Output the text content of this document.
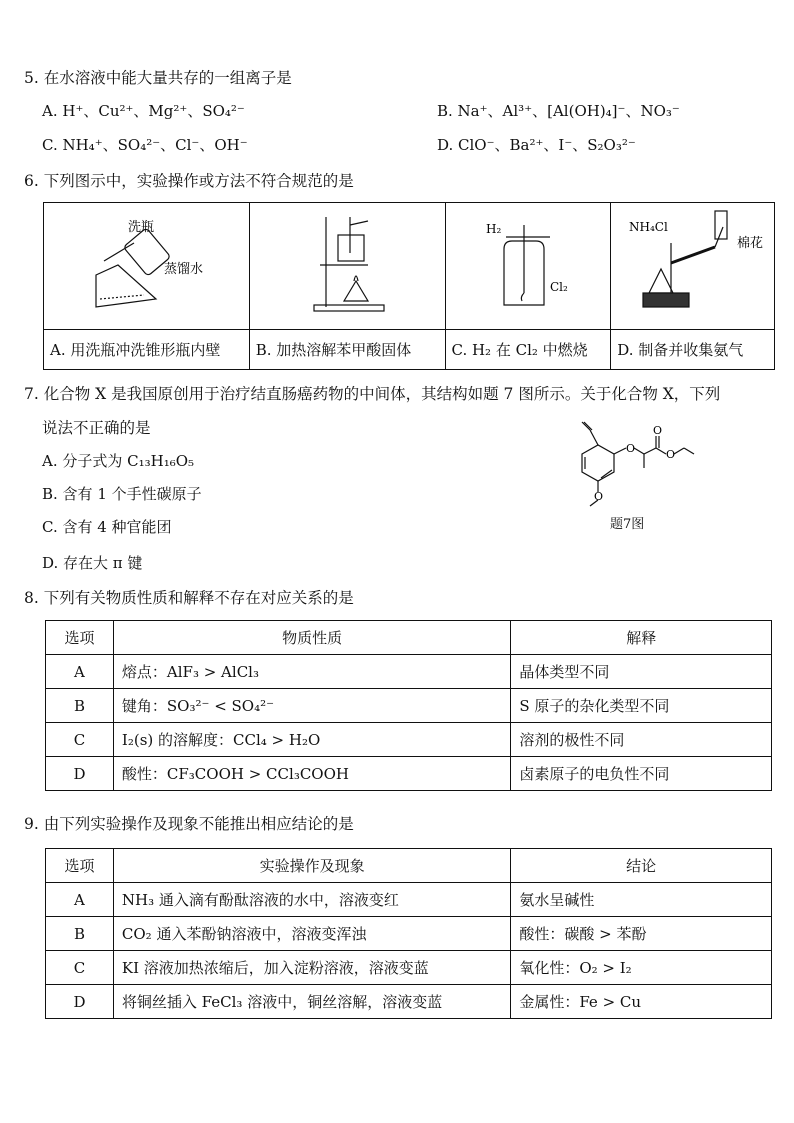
5. 在水溶液中能大量共存的一组离子是
A. H⁺、Cu²⁺、Mg²⁺、SO₄²⁻	B. Na⁺、Al³⁺、[Al(OH)₄]⁻、NO₃⁻
C. NH₄⁺、SO₄²⁻、Cl⁻、OH⁻	D. ClO⁻、Ba²⁺、I⁻、S₂O₃²⁻
6. 下列图示中，实验操作或方法不符合规范的是
洗瓶
蒸馏水		H₂
Cl₂	NH₄Cl
棉花

A. 用洗瓶冲洗锥形瓶内壁	B. 加热溶解苯甲酸固体	C. H₂ 在 Cl₂ 中燃烧	D. 制备并收集氨气
7. 化合物 X 是我国原创用于治疗结直肠癌药物的中间体，其结构如题 7 图所示。关于化合物 X，下列
说法不正确的是
A. 分子式为 C₁₃H₁₆O₅
B. 含有 1 个手性碳原子
C. 含有 4 种官能团
D. 存在大 π 键
O
O
O
O
题7图
8. 下列有关物质性质和解释不存在对应关系的是
选项	物质性质	解释
A	熔点：AlF₃ > AlCl₃	晶体类型不同
B	键角：SO₃²⁻ < SO₄²⁻	S 原子的杂化类型不同
C	I₂(s) 的溶解度：CCl₄ > H₂O	溶剂的极性不同
D	酸性：CF₃COOH > CCl₃COOH	卤素原子的电负性不同
9. 由下列实验操作及现象不能推出相应结论的是
选项	实验操作及现象	结论
A	NH₃ 通入滴有酚酞溶液的水中，溶液变红	氨水呈碱性
B	CO₂ 通入苯酚钠溶液中，溶液变浑浊	酸性：碳酸 > 苯酚
C	KI 溶液加热浓缩后，加入淀粉溶液，溶液变蓝	氧化性：O₂ > I₂
D	将铜丝插入 FeCl₃ 溶液中，铜丝溶解，溶液变蓝	金属性：Fe > Cu
